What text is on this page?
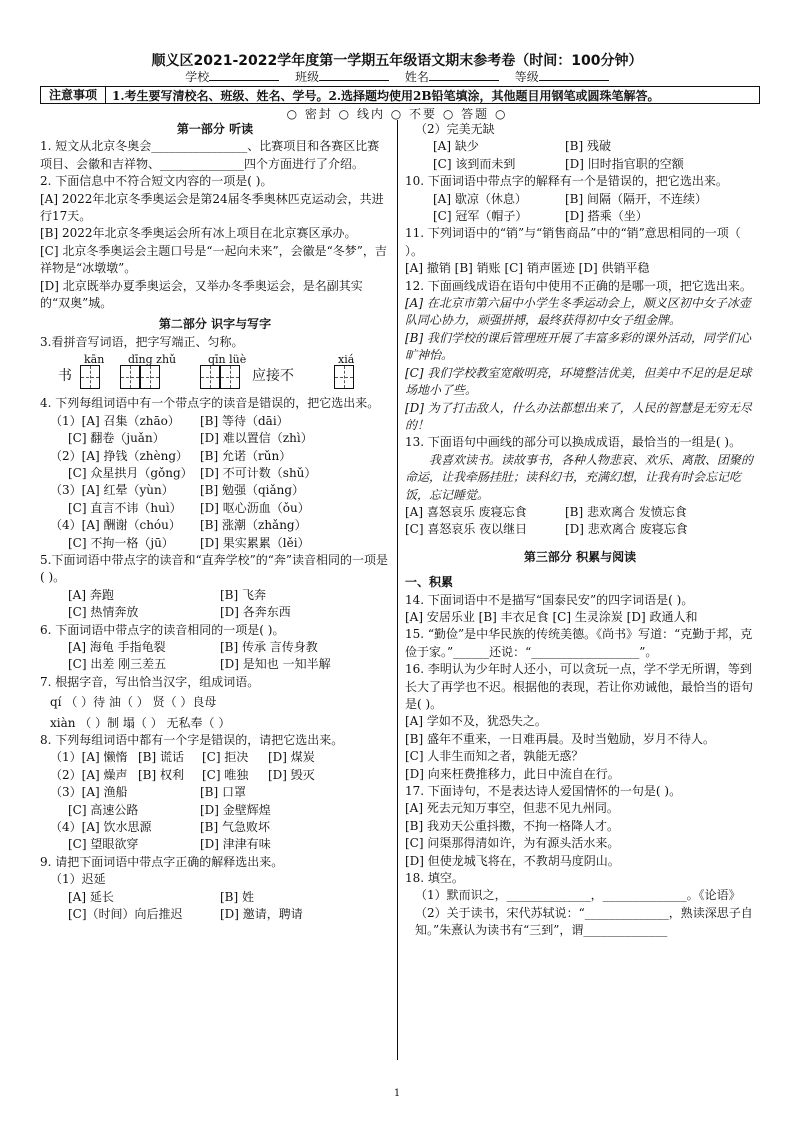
顺义区2021-2022学年度第一学期五年级语文期末参考卷（时间：100分钟）
学校	班级	姓名	等级
注意事项	1.考生要写清校名、班级、姓名、学号。2.选择题均使用2B铅笔填涂，其他题目用钢笔或圆珠笔解答。
○ 密封 ○ 线内 ○ 不要 ○ 答题 ○

第一部分 听读

1. 短文从北京冬奥会________________、比赛项目和各赛区比赛项目、会徽和吉祥物、______________四个方面进行了介绍。

2. 下面信息中不符合短文内容的一项是( )。

[A] 2022年北京冬季奥运会是第24届冬季奥林匹克运动会，共进行17天。

[B] 2022年北京冬季奥运会所有冰上项目在北京赛区承办。

[C] 北京冬季奥运会主题口号是“一起向未来”，会徽是“冬梦”，吉祥物是“冰墩墩”。

[D] 北京既举办夏季奥运会，又举办冬季奥运会，是名副其实的“双奥”城。

第二部分 识字与写字

3.看拼音写词语，把字写端正、匀称。

kān dīng zhǔ	qīn lüè	xiá
书	应接不

4. 下列每组词语中有一个带点字的读音是错误的，把它选出来。

（1）[A] 召集（zhāo）	[B] 等待（dāi）
[C] 翻卷（juǎn）	[D] 难以置信（zhì）
（2）[A] 挣钱（zhèng） [B] 允诺（rǔn）
[C] 众星拱月（gǒng） [D] 不可计数（shǔ）
（3）[A] 红晕（yùn）	[B] 勉强（qiǎng）
[C] 直言不讳（huì）	[D] 呕心沥血（ǒu）
（4）[A] 酬谢（chóu）	[B] 涨潮（zhǎng）
[C] 不拘一格（jū）	[D] 果实累累（lěi）

5.下面词语中带点字的读音和“直奔学校”的“奔”读音相同的一项是( )。

[A] 奔跑	[B] 飞奔
[C] 热情奔放	[D] 各奔东西

6. 下面词语中带点字的读音相同的一项是( )。

[A] 海龟 手指龟裂	[B] 传承 言传身教
[C] 出差 刚三差五	[D] 是知也 一知半解

7. 根据字音，写出恰当汉字，组成词语。

qí （ ）待 油（ ） 贤（ ）良母

xiàn （ ）制 塌（ ） 无私奉（ ）

8. 下列每组词语中都有一个字是错误的，请把它选出来。

（1）[A] 懒惰 [B] 谎话	[C] 拒决	[D] 煤炭
（2）[A] 燥声 [B] 权利	[C] 唯独	[D] 毁灭
（3）[A] 渔船	[B] 口罩
[C] 高速公路	[D] 金壁辉煌
（4）[A] 饮水思源	[B] 气急败坏
[C] 望眼欲穿	[D] 津津有味

9. 请把下面词语中带点字正确的解释选出来。

（1）迟延

[A] 延长	[B] 姓
[C]（时间）向后推迟	[D] 邀请，聘请

（2）完美无缺

[A] 缺少	[B] 残破
[C] 该到而未到	[D] 旧时指官职的空额

10. 下面词语中带点字的解释有一个是错误的，把它选出来。

[A] 歇凉（休息）	[B] 间隔（隔开，不连续）
[C] 冠军（帽子）	[D] 搭乘（坐）

11. 下列词语中的“销”与“销售商品”中的“销”意思相同的一项（ ）。

[A] 撤销 [B] 销账 [C] 销声匿迹 [D] 供销平稳

12. 下面画线成语在语句中使用不正确的是哪一项，把它选出来。

[A] 在北京市第六届中小学生冬季运动会上，顺义区初中女子冰壶队同心协力，顽强拼搏，最终获得初中女子组金牌。

[B] 我们学校的课后管理班开展了丰富多彩的课外活动，同学们心旷神怡。

[C] 我们学校教室宽敞明亮，环境整洁优美，但美中不足的是足球场地小了些。

[D] 为了打击敌人，什么办法都想出来了，人民的智慧是无穷无尽的！

13. 下面语句中画线的部分可以换成成语，最恰当的一组是( )。

我喜欢读书。读故事书，各种人物悲哀、欢乐、离散、团聚的命运，让我牵肠挂肚；读科幻书，充满幻想，让我有时会忘记吃饭，忘记睡觉。

[A] 喜怒哀乐 废寝忘食	[B] 悲欢离合 发愤忘食
[C] 喜怒哀乐 夜以继日	[D] 悲欢离合 废寝忘食

第三部分 积累与阅读

一、积累

14. 下面词语中不是描写“国泰民安”的四字词语是( )。

[A] 安居乐业 [B] 丰衣足食 [C] 生灵涂炭 [D] 政通人和

15. “勤俭”是中华民族的传统美德。《尚书》写道：“克勤于邦，克俭于家。”______还说：“__________________”。

16. 李明认为少年时人还小，可以贪玩一点，学不学无所谓，等到长大了再学也不迟。根据他的表现，若让你劝诫他，最恰当的语句是( )。

[A] 学如不及，犹恐失之。

[B] 盛年不重来，一日难再晨。及时当勉励，岁月不待人。

[C] 人非生而知之者，孰能无惑？

[D] 向来枉费推移力，此日中流自在行。

17. 下面诗句，不是表达诗人爱国情怀的一句是( )。

[A] 死去元知万事空，但悲不见九州同。

[B] 我劝天公重抖擞，不拘一格降人才。

[C] 问渠那得清如许，为有源头活水来。

[D] 但使龙城飞将在，不教胡马度阴山。

18. 填空。

（1）默而识之，______________，______________。《论语》

（2）关于读书，宋代苏轼说：“______________，熟读深思子自知。”朱熹认为读书有“三到”，谓______________

1
